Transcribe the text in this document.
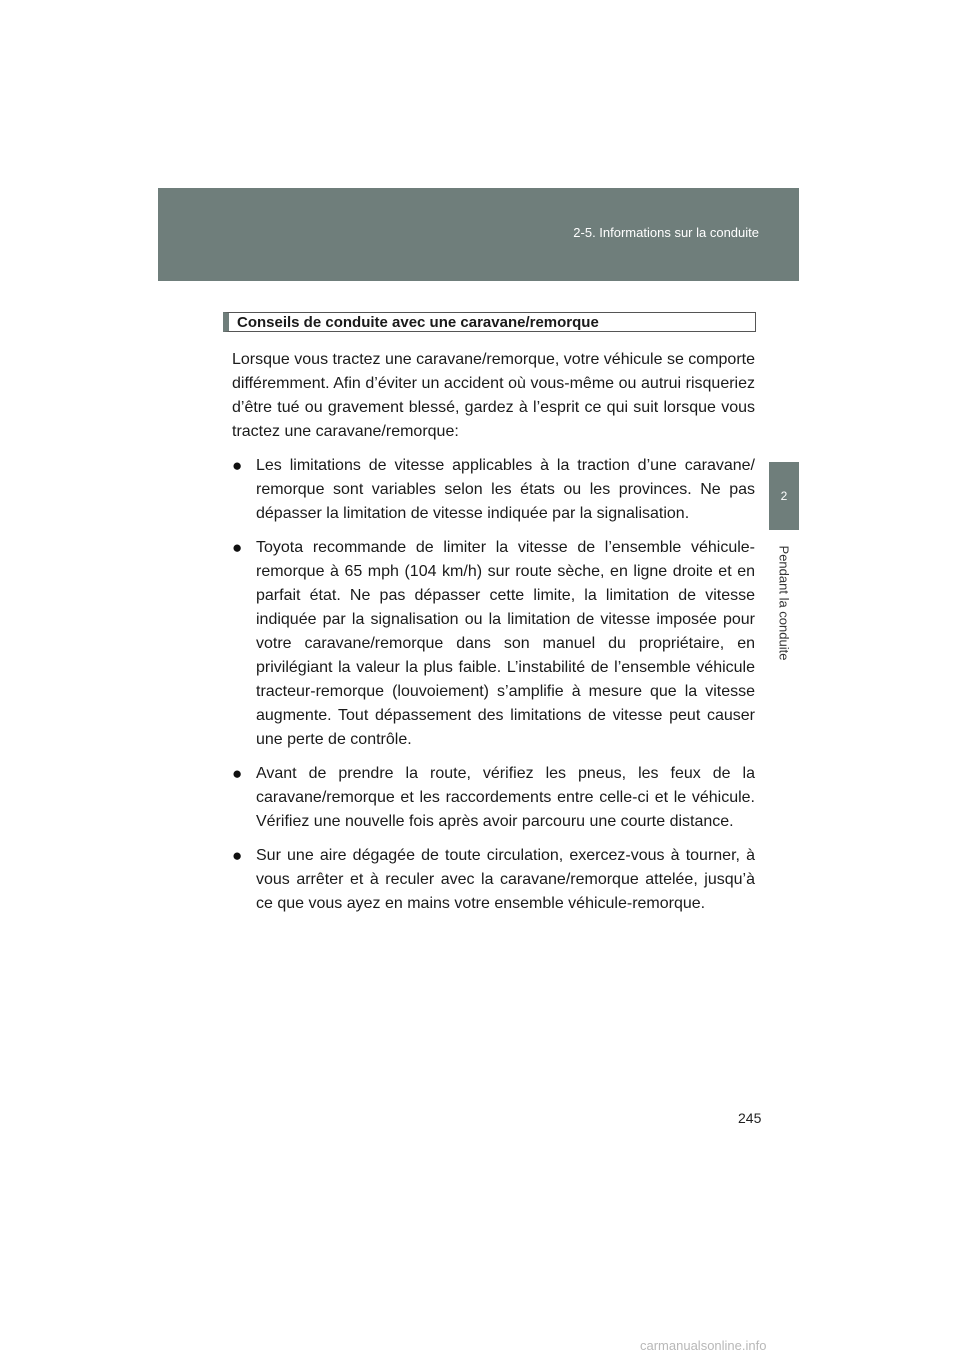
2-5. Informations sur la conduite
2
Pendant la conduite
Conseils de conduite avec une caravane/remorque

Lorsque vous tractez une caravane/remorque, votre véhicule se comporte différemment. Afin d’éviter un accident où vous-même ou autrui risqueriez d’être tué ou gravement blessé, gardez à l’esprit ce qui suit lorsque vous tractez une caravane/remorque:

● Les limitations de vitesse applicables à la traction d’une caravane/ remorque sont variables selon les états ou les provinces. Ne pas dépasser la limitation de vitesse indiquée par la signalisation.
● Toyota recommande de limiter la vitesse de l’ensemble véhicule-remorque à 65 mph (104 km/h) sur route sèche, en ligne droite et en parfait état. Ne pas dépasser cette limite, la limitation de vitesse indiquée par la signalisation ou la limitation de vitesse imposée pour votre caravane/remorque dans son manuel du propriétaire, en privilégiant la valeur la plus faible. L’instabilité de l’ensemble véhicule tracteur-remorque (louvoiement) s’amplifie à mesure que la vitesse augmente. Tout dépassement des limitations de vitesse peut causer une perte de contrôle.
● Avant de prendre la route, vérifiez les pneus, les feux de la caravane/remorque et les raccordements entre celle-ci et le véhicule. Vérifiez une nouvelle fois après avoir parcouru une courte distance.
● Sur une aire dégagée de toute circulation, exercez-vous à tourner, à vous arrêter et à reculer avec la caravane/remorque attelée, jusqu’à ce que vous ayez en mains votre ensemble véhicule-remorque.
245
carmanualsonline.info
